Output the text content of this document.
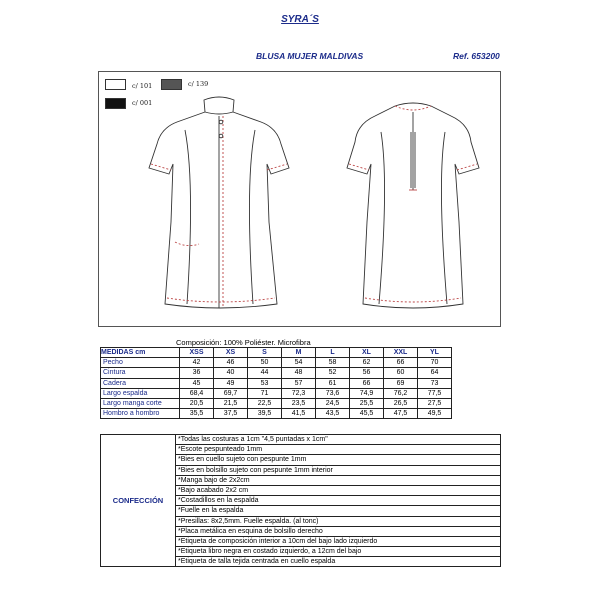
SYRA´S
BLUSA MUJER MALDIVAS	Ref. 653200
c/ 101	c/ 139
c/ 001
Composición: 100% Poliéster. Microfibra
MEDIDAS cm	XSS	XS	S	M	L	XL	XXL	YL
Pecho	42	46	50	54	58	62	66	70
Cintura	36	40	44	48	52	56	60	64
Cadera	45	49	53	57	61	66	69	73
Largo espalda	68,4	69,7	71	72,3	73,6	74,9	76,2	77,5
Largo manga corte	20,5	21,5	22,5	23,5	24,5	25,5	26,5	27,5
Hombro a hombro	35,5	37,5	39,5	41,5	43,5	45,5	47,5	49,5
CONFECCIÓN	*Todas las costuras a 1cm "4,5 puntadas x 1cm"
*Escote pespunteado 1mm
*Bies en cuello sujeto con pespunte 1mm
*Bies en bolsillo sujeto con pespunte 1mm interior
*Manga bajo de 2x2cm
*Bajo acabado 2x2 cm
*Costadillos en la espalda
*Fuelle en la espalda
*Presillas: 8x2,5mm. Fuelle espalda. (al tonc)
*Placa metálica en esquina de bolsillo derecho
*Etiqueta de composición interior a 10cm del bajo lado izquierdo
*Etiqueta libro negra en costado izquierdo, a 12cm del bajo
*Etiqueta de talla tejida centrada en cuello espalda
